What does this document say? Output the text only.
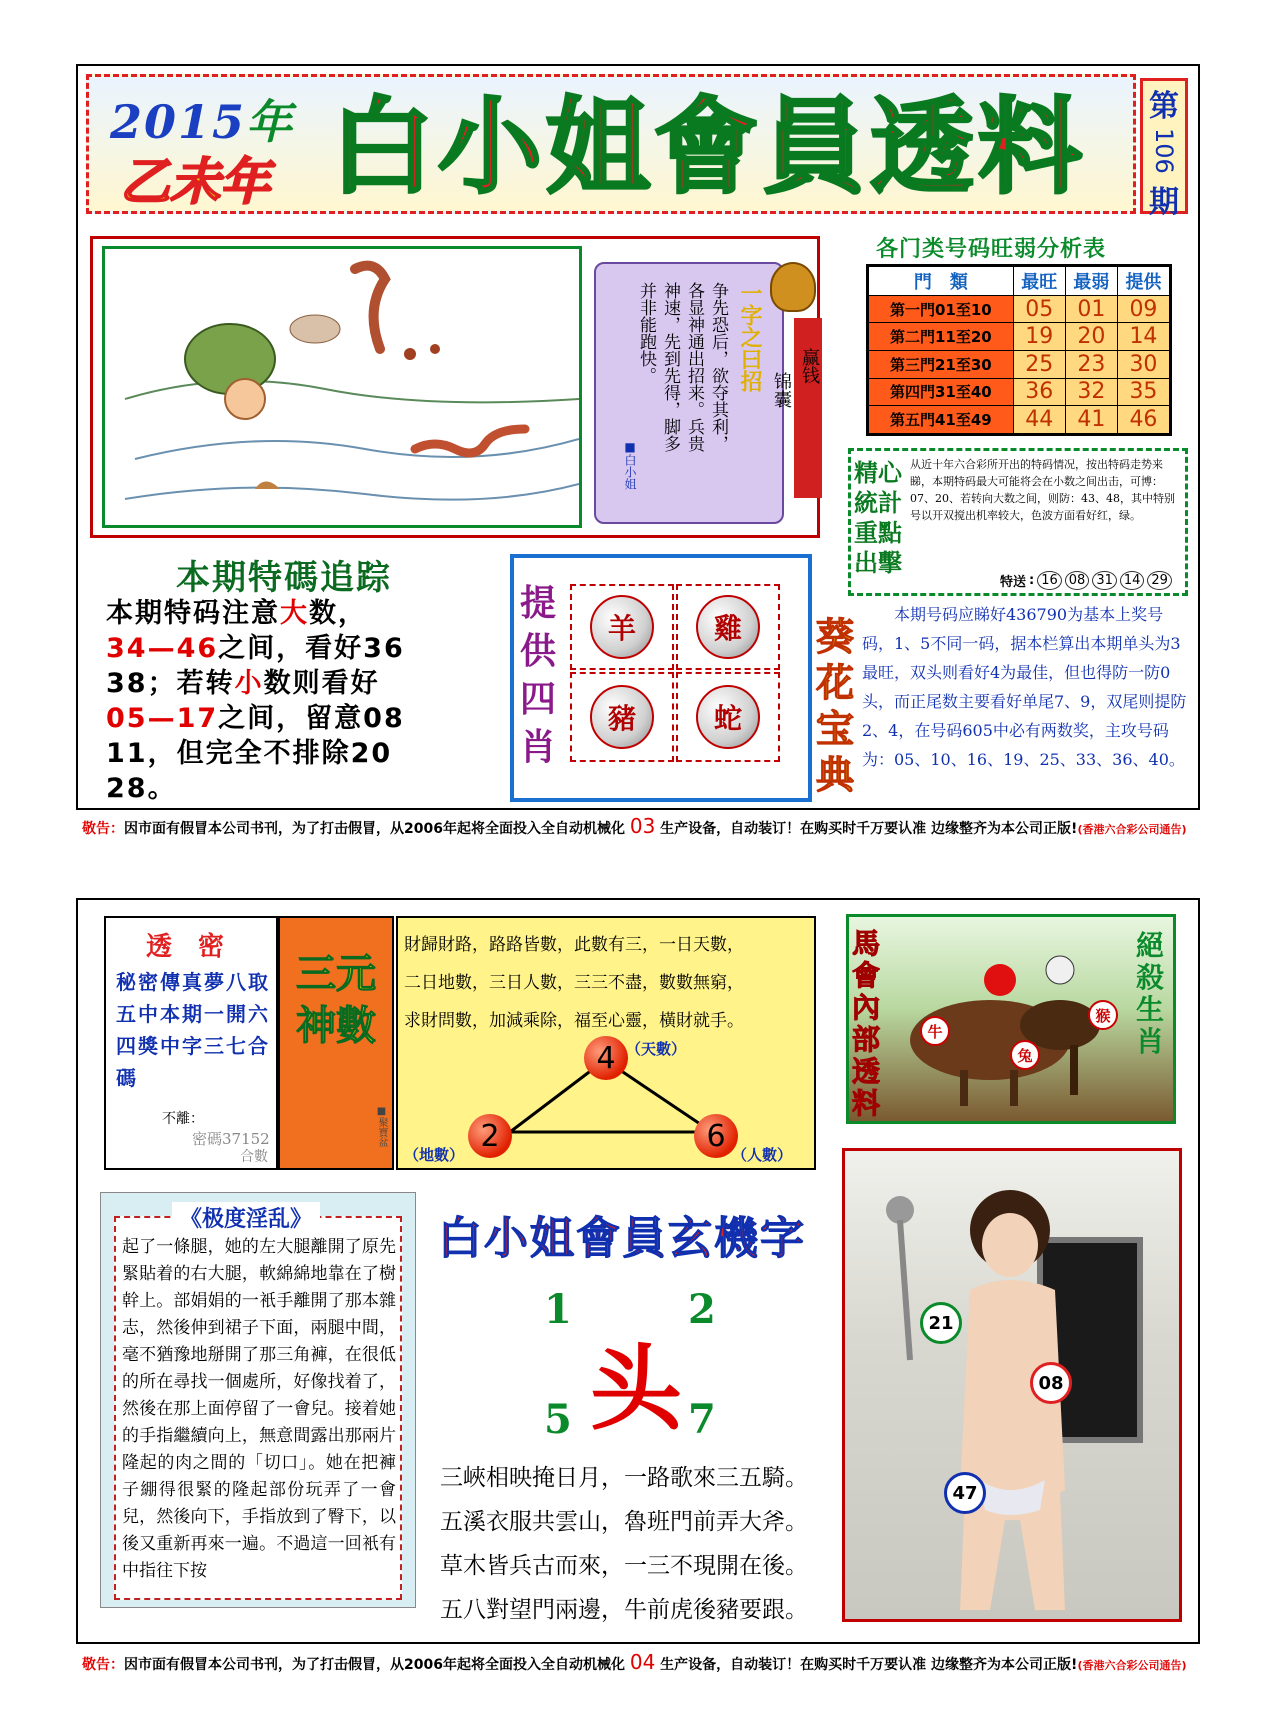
2015年
乙未年 白小姐會員透料 第
106
期
一字之曰招
争先恐后，欲夺其利，各显神通出招来。兵贵神速，先到先得，脚多并非能跑快。
■白小姐
锦囊
赢钱
各门类号码旺弱分析表
門　類	最旺	最弱	提供
第一門01至10	05	01	09
第二門11至20	19	20	14
第三門21至30	25	23	30
第四門31至40	36	32	35
第五門41至49	44	41	46
精心統計 重點出擊
从近十年六合彩所开出的特码情况，按出特码走势来睇，本期特码最大可能将会在小数之间出击，可博：07、20、若转向大数之间，则防：43、48，其中特别号以开双搅出机率较大，色波方面看好红，绿。
特送 : 16 08 31 14 29
本期特碼追踪
本期特码注意大数，
34—46之间，看好36
38；若转小数则看好
05—17之间，留意08
11，但完全不排除20
28。
提供四肖
羊	雞
豬	蛇
葵花宝典
本期号码应睇好436790为基本上奖号码，1、5不同一码，据本栏算出本期单头为3最旺，双头则看好4为最佳，但也得防一防0头，而正尾数主要看好单尾7、9，双尾则提防2、4，在号码605中必有两数奖，主攻号码为：05、10、16、19、25、33、36、40。
敬告：因市面有假冒本公司书刊，为了打击假冒，从2006年起将全面投入全自动机械化 03 生产设备，自动装订！在购买时千万要认准 边缘整齐为本公司正版!(香港六合彩公司通告)
透　密
秘密傳真夢八取五中本期一開六四獎中字三七合碼
不離：
密碼37152
合數
三元神數
■聚寶盆
財歸財路，路路皆數，此數有三，一日天數，
二日地數，三日人數，三三不盡，數數無窮，
求財問數，加減乘除，福至心靈，橫財就手。
4 （天數）
2
（地數）
6
（人數）
馬會內部透料
絕殺生肖
牛
兔
猴
《极度淫乱》
起了一條腿，她的左大腿離開了原先緊貼着的右大腿，軟綿綿地靠在了樹幹上。部娟娟的一衹手離開了那本雜志，然後伸到裙子下面，兩腿中間，毫不猶豫地掰開了那三角褲，在很低的所在尋找一個處所，好像找着了，然後在那上面停留了一會兒。接着她的手指繼續向上，無意間露出那兩片隆起的肉之間的「切口」。她在把褲子綳得很緊的隆起部份玩弄了一會兒，然後向下，手指放到了臀下，以後又重新再來一遍。不過這一回衹有中指往下按
白小姐會員玄機字
1	2
头
5	7
三峽相映掩日月，一路歌來三五騎。
五溪衣服共雲山，魯班門前弄大斧。
草木皆兵古而來，一三不現開在後。
五八對望門兩邊，牛前虎後豬要跟。
21
08
47
敬告：因市面有假冒本公司书刊，为了打击假冒，从2006年起将全面投入全自动机械化 04 生产设备，自动装订！在购买时千万要认准 边缘整齐为本公司正版!(香港六合彩公司通告)
